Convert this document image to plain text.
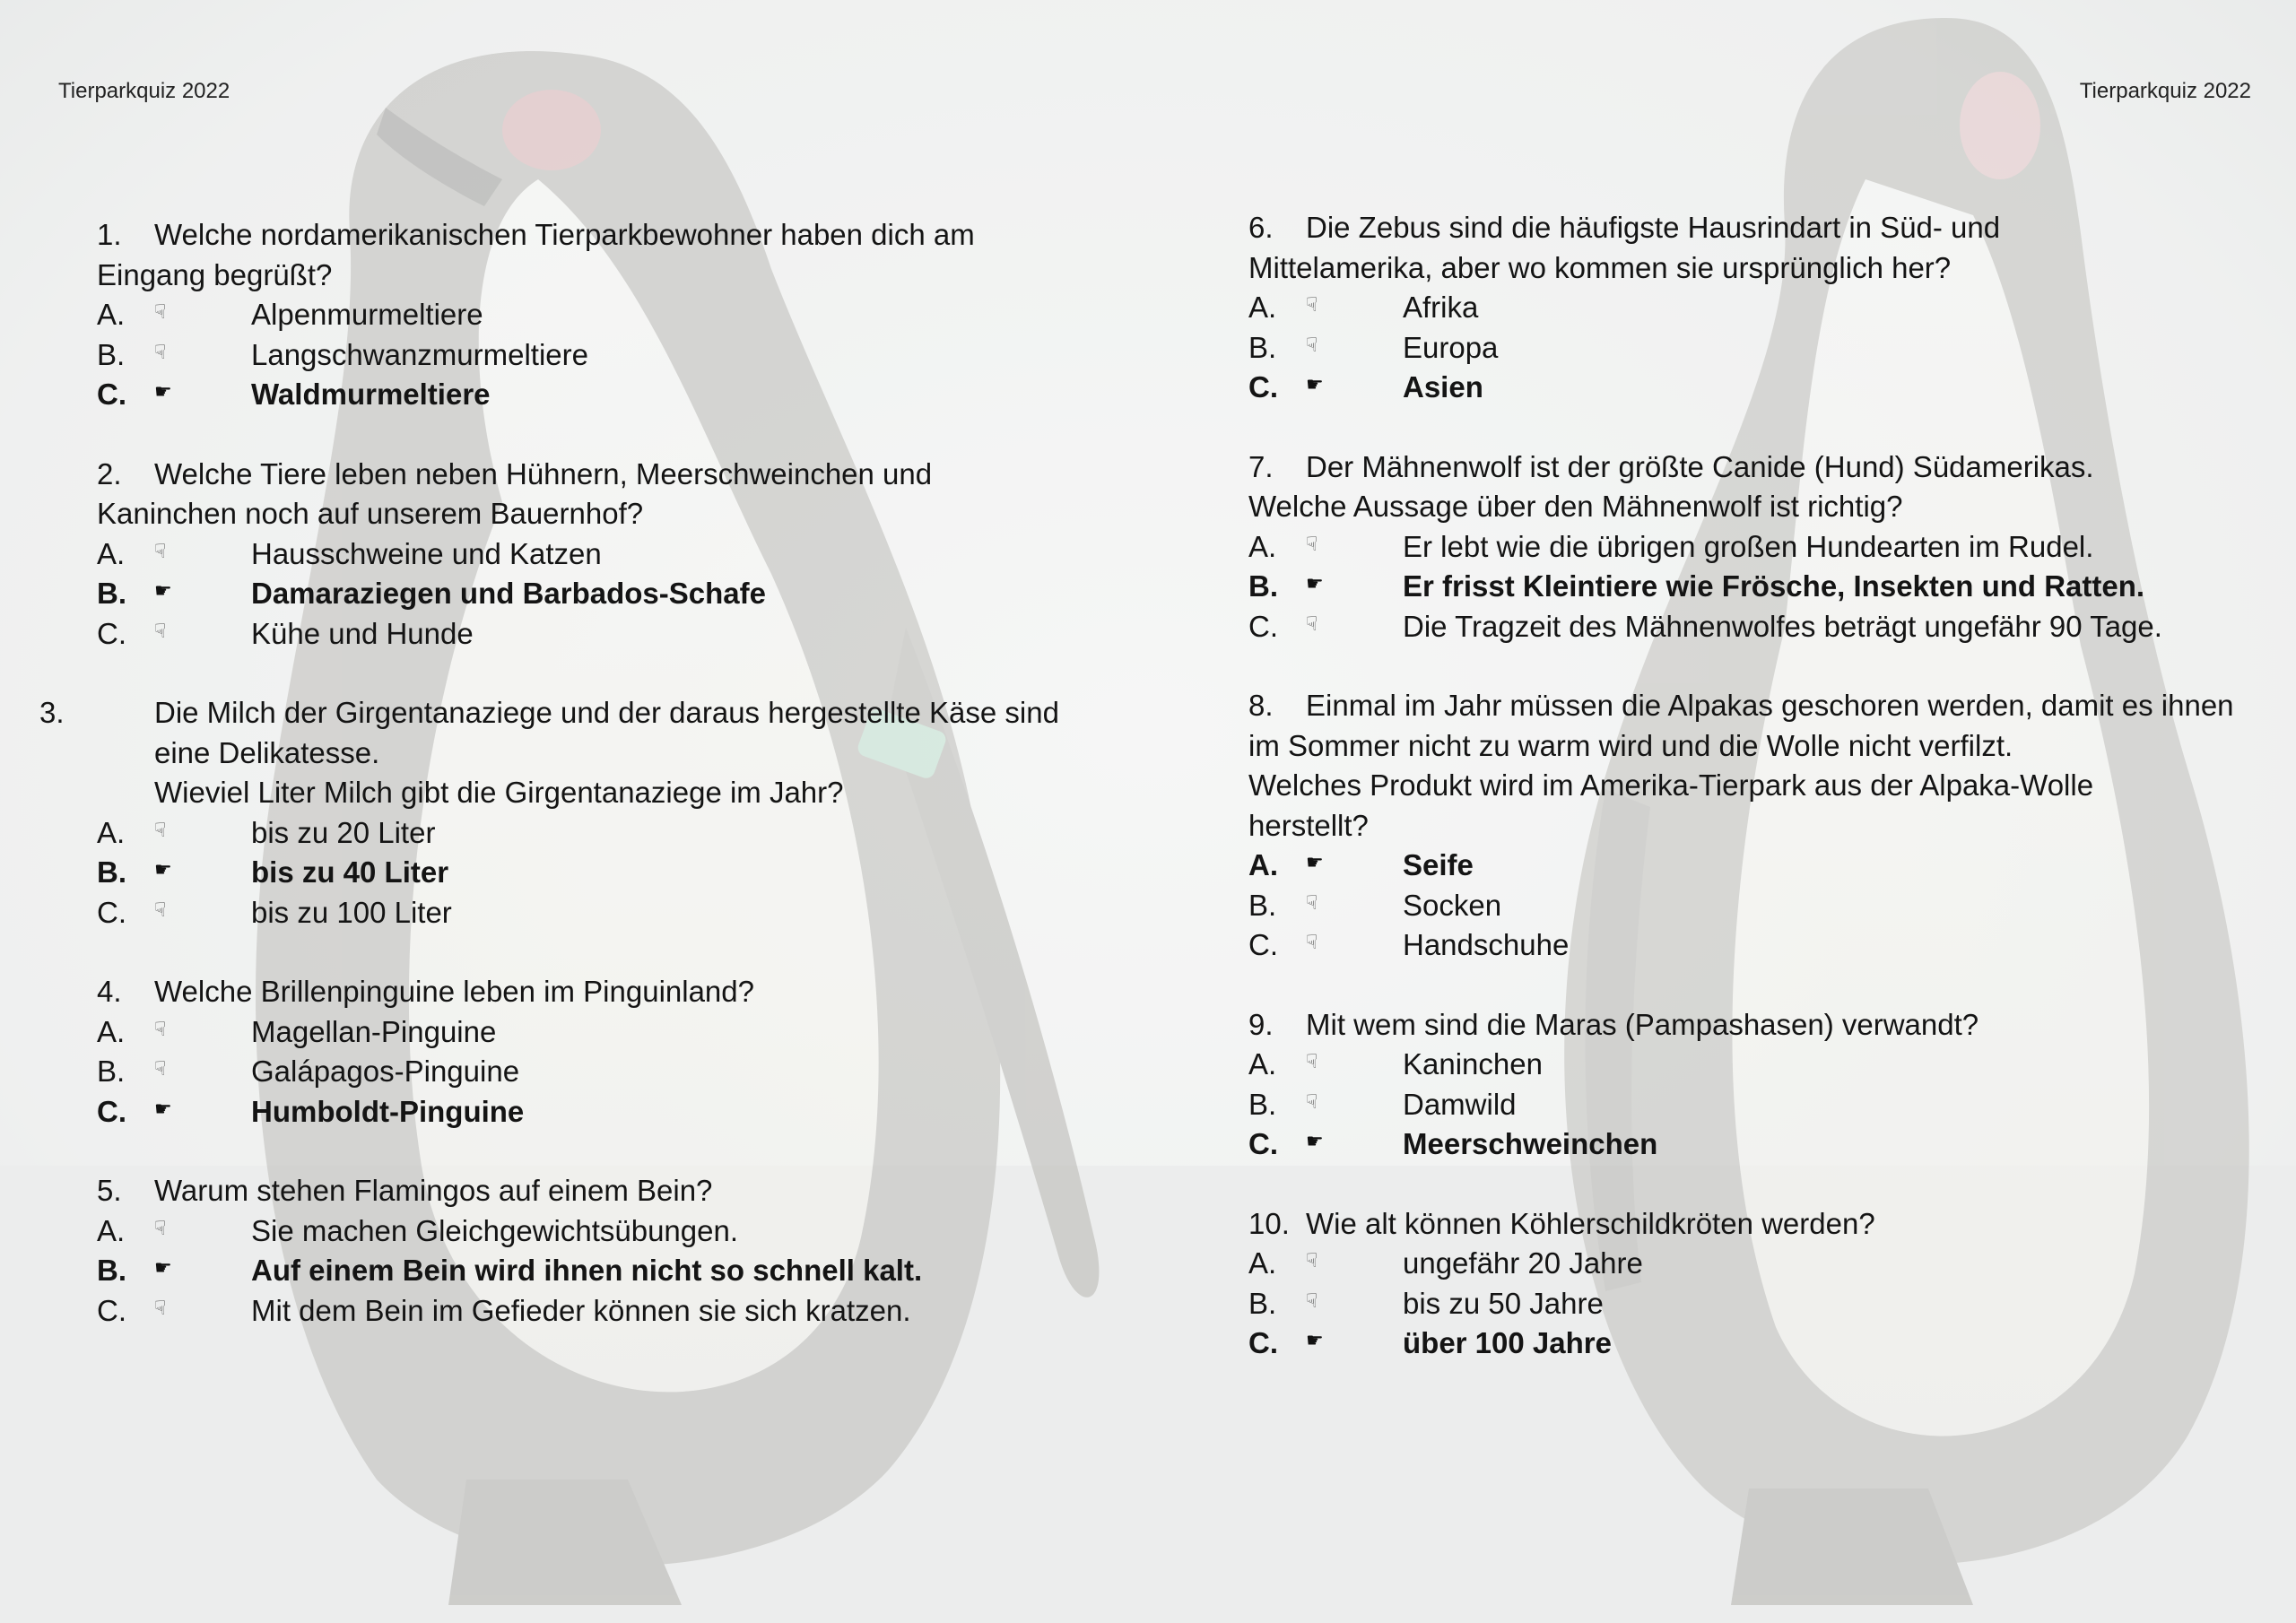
Tierparkquiz 2022
1. Welche nordamerikanischen Tierparkbewohner haben dich am
Eingang begrüßt?
A.	☟	Alpenmurmeltiere
B.	☟	Langschwanzmurmeltiere
C.	☛	Waldmurmeltiere
2. Welche Tiere leben neben Hühnern, Meerschweinchen und
Kaninchen noch auf unserem Bauernhof?
A.	☟	Hausschweine und Katzen
B.	☛	Damaraziegen und Barbados-Schafe
C.	☟	Kühe und Hunde
3.	Die Milch der Girgentanaziege und der daraus hergestellte Käse sind
eine Delikatesse.
Wieviel Liter Milch gibt die Girgentanaziege im Jahr?
A.	☟	bis zu 20 Liter
B.	☛	bis zu 40 Liter
C.	☟	bis zu 100 Liter
4. Welche Brillenpinguine leben im Pinguinland?
A.	☟	Magellan-Pinguine
B.	☟	Galápagos-Pinguine
C.	☛	Humboldt-Pinguine
5. Warum stehen Flamingos auf einem Bein?
A.	☟	Sie machen Gleichgewichtsübungen.
B.	☛	Auf einem Bein wird ihnen nicht so schnell kalt.
C.	☟	Mit dem Bein im Gefieder können sie sich kratzen.
Tierparkquiz 2022
6. Die Zebus sind die häufigste Hausrindart in Süd- und
Mittelamerika, aber wo kommen sie ursprünglich her?
A.	☟	Afrika
B.	☟	Europa
C.	☛	Asien
7. Der Mähnenwolf ist der größte Canide (Hund) Südamerikas.
Welche Aussage über den Mähnenwolf ist richtig?
A.	☟	Er lebt wie die übrigen großen Hundearten im Rudel.
B.	☛	Er frisst Kleintiere wie Frösche, Insekten und Ratten.
C.	☟	Die Tragzeit des Mähnenwolfes beträgt ungefähr 90 Tage.
8. Einmal im Jahr müssen die Alpakas geschoren werden, damit es ihnen
im Sommer nicht zu warm wird und die Wolle nicht verfilzt.
Welches Produkt wird im Amerika-Tierpark aus der Alpaka-Wolle
herstellt?
A.	☛	Seife
B.	☟	Socken
C.	☟	Handschuhe
9. Mit wem sind die Maras (Pampashasen) verwandt?
A.	☟	Kaninchen
B.	☟	Damwild
C.	☛	Meerschweinchen
10. Wie alt können Köhlerschildkröten werden?
A.	☟	ungefähr 20 Jahre
B.	☟	bis zu 50 Jahre
C.	☛	über 100 Jahre
